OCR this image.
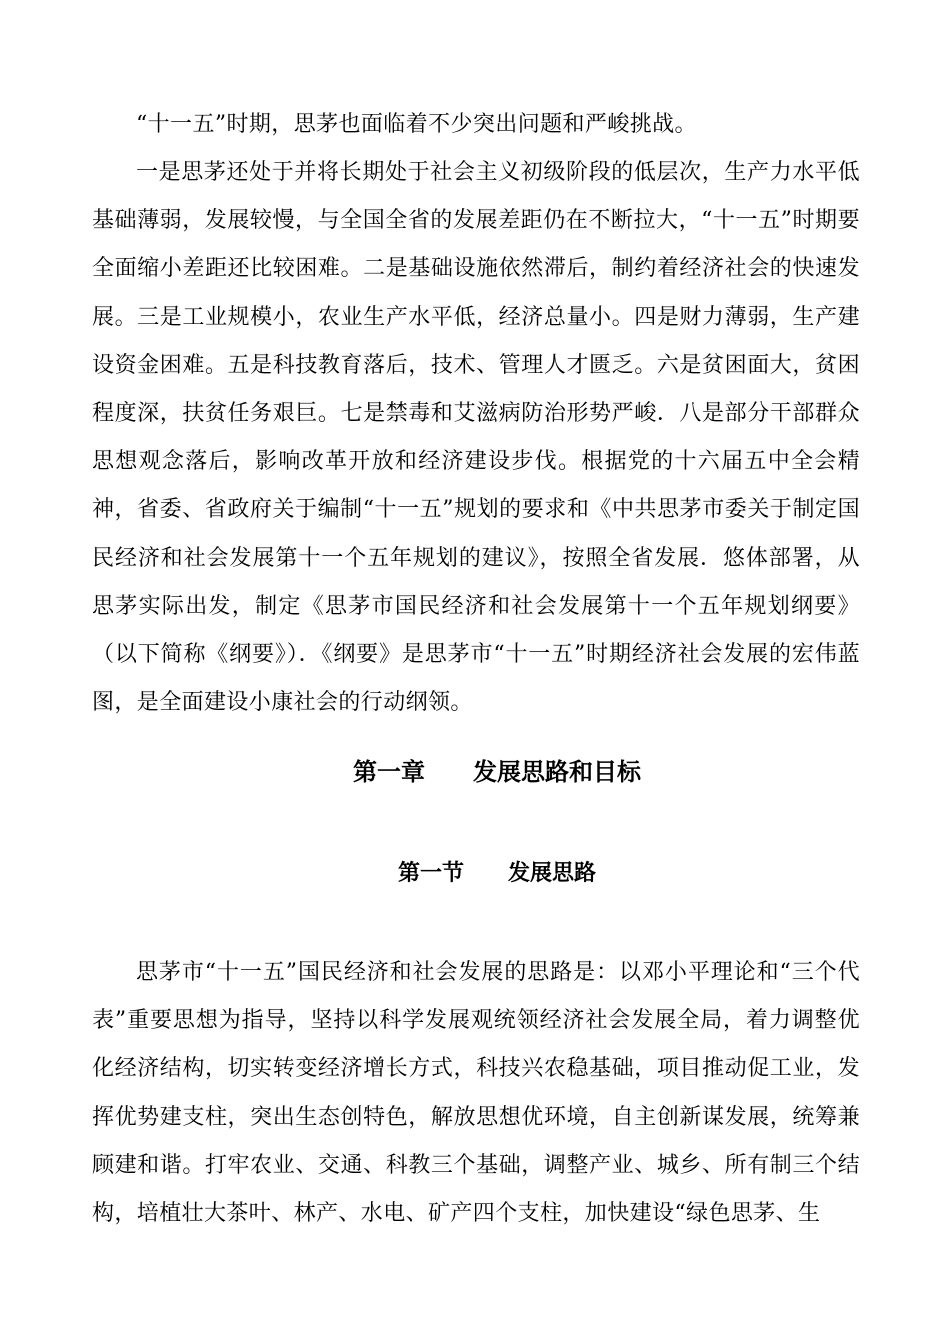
“十一五”时期，思茅也面临着不少突出问题和严峻挑战。

一是思茅还处于并将长期处于社会主义初级阶段的低层次，生产力水平低基础薄弱，发展较慢，与全国全省的发展差距仍在不断拉大，“十一五”时期要全面缩小差距还比较困难。二是基础设施依然滞后，制约着经济社会的快速发展。三是工业规模小，农业生产水平低，经济总量小。四是财力薄弱，生产建设资金困难。五是科技教育落后，技术、管理人才匮乏。六是贫困面大，贫困程度深，扶贫任务艰巨。七是禁毒和艾滋病防治形势严峻．八是部分干部群众思想观念落后，影响改革开放和经济建设步伐。根据党的十六届五中全会精神，省委、省政府关于编制“十一五”规划的要求和《中共思茅市委关于制定国民经济和社会发展第十一个五年规划的建议》，按照全省发展．悠体部署，从思茅实际出发，制定《思茅市国民经济和社会发展第十一个五年规划纲要》（以下简称《纲要》）．《纲要》是思茅市“十一五”时期经济社会发展的宏伟蓝图，是全面建设小康社会的行动纲领。

第一章　　发展思路和目标
第一节　　发展思路

思茅市“十一五”国民经济和社会发展的思路是：以邓小平理论和“三个代表”重要思想为指导，坚持以科学发展观统领经济社会发展全局，着力调整优化经济结构，切实转变经济增长方式，科技兴农稳基础，项目推动促工业，发挥优势建支柱，突出生态创特色，解放思想优环境，自主创新谋发展，统筹兼顾建和谐。打牢农业、交通、科教三个基础，调整产业、城乡、所有制三个结构，培植壮大茶叶、林产、水电、矿产四个支柱，加快建设“绿色思茅、生
